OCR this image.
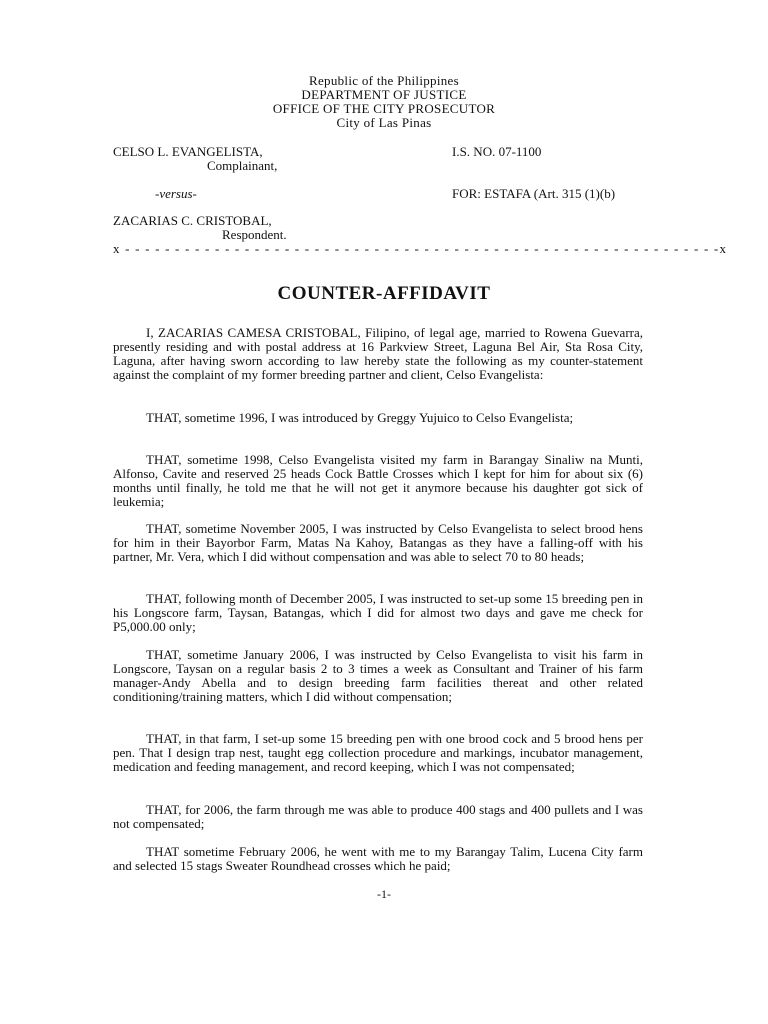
Republic of the Philippines
DEPARTMENT OF JUSTICE
OFFICE OF THE CITY PROSECUTOR
City of Las Pinas
CELSO L. EVANGELISTA,
Complainant,
I.S. NO. 07-1100
-versus-	FOR: ESTAFA (Art. 315 (1)(b)
ZACARIAS C. CRISTOBAL,
Respondent.
x - - - - - - - - - - - - - - - - - - - - - - - - - - - - - - - - - - - - - - - - - - - - - - - - - - - - - - - - - - - -x
COUNTER-AFFIDAVIT
I, ZACARIAS CAMESA CRISTOBAL, Filipino, of legal age, married to Rowena Guevarra, presently residing and with postal address at 16 Parkview Street, Laguna Bel Air, Sta Rosa City, Laguna, after having sworn according to law hereby state the following as my counter-statement against the complaint of my former breeding partner and client, Celso Evangelista:
THAT, sometime 1996, I was introduced by Greggy Yujuico to Celso Evangelista;
THAT, sometime 1998, Celso Evangelista visited my farm in Barangay Sinaliw na Munti, Alfonso, Cavite and reserved 25 heads Cock Battle Crosses which I kept for him for about six (6) months until finally, he told me that he will not get it anymore because his daughter got sick of leukemia;
THAT, sometime November 2005, I was instructed by Celso Evangelista to select brood hens for him in their Bayorbor Farm, Matas Na Kahoy, Batangas as they have a falling-off with his partner, Mr. Vera, which I did without compensation and was able to select 70 to 80 heads;
THAT, following month of December 2005, I was instructed to set-up some 15 breeding pen in his Longscore farm, Taysan, Batangas, which I did for almost two days and gave me check for P5,000.00 only;
THAT, sometime January 2006, I was instructed by Celso Evangelista to visit his farm in Longscore, Taysan on a regular basis 2 to 3 times a week as Consultant and Trainer of his farm manager-Andy Abella and to design breeding farm facilities thereat and other related conditioning/training matters, which I did without compensation;
THAT, in that farm, I set-up some 15 breeding pen with one brood cock and 5 brood hens per pen. That I design trap nest, taught egg collection procedure and markings, incubator management, medication and feeding management, and record keeping, which I was not compensated;
THAT, for 2006, the farm through me was able to produce 400 stags and 400 pullets and I was not compensated;
THAT sometime February 2006, he went with me to my Barangay Talim, Lucena City farm and selected 15 stags Sweater Roundhead crosses which he paid;
-1-
